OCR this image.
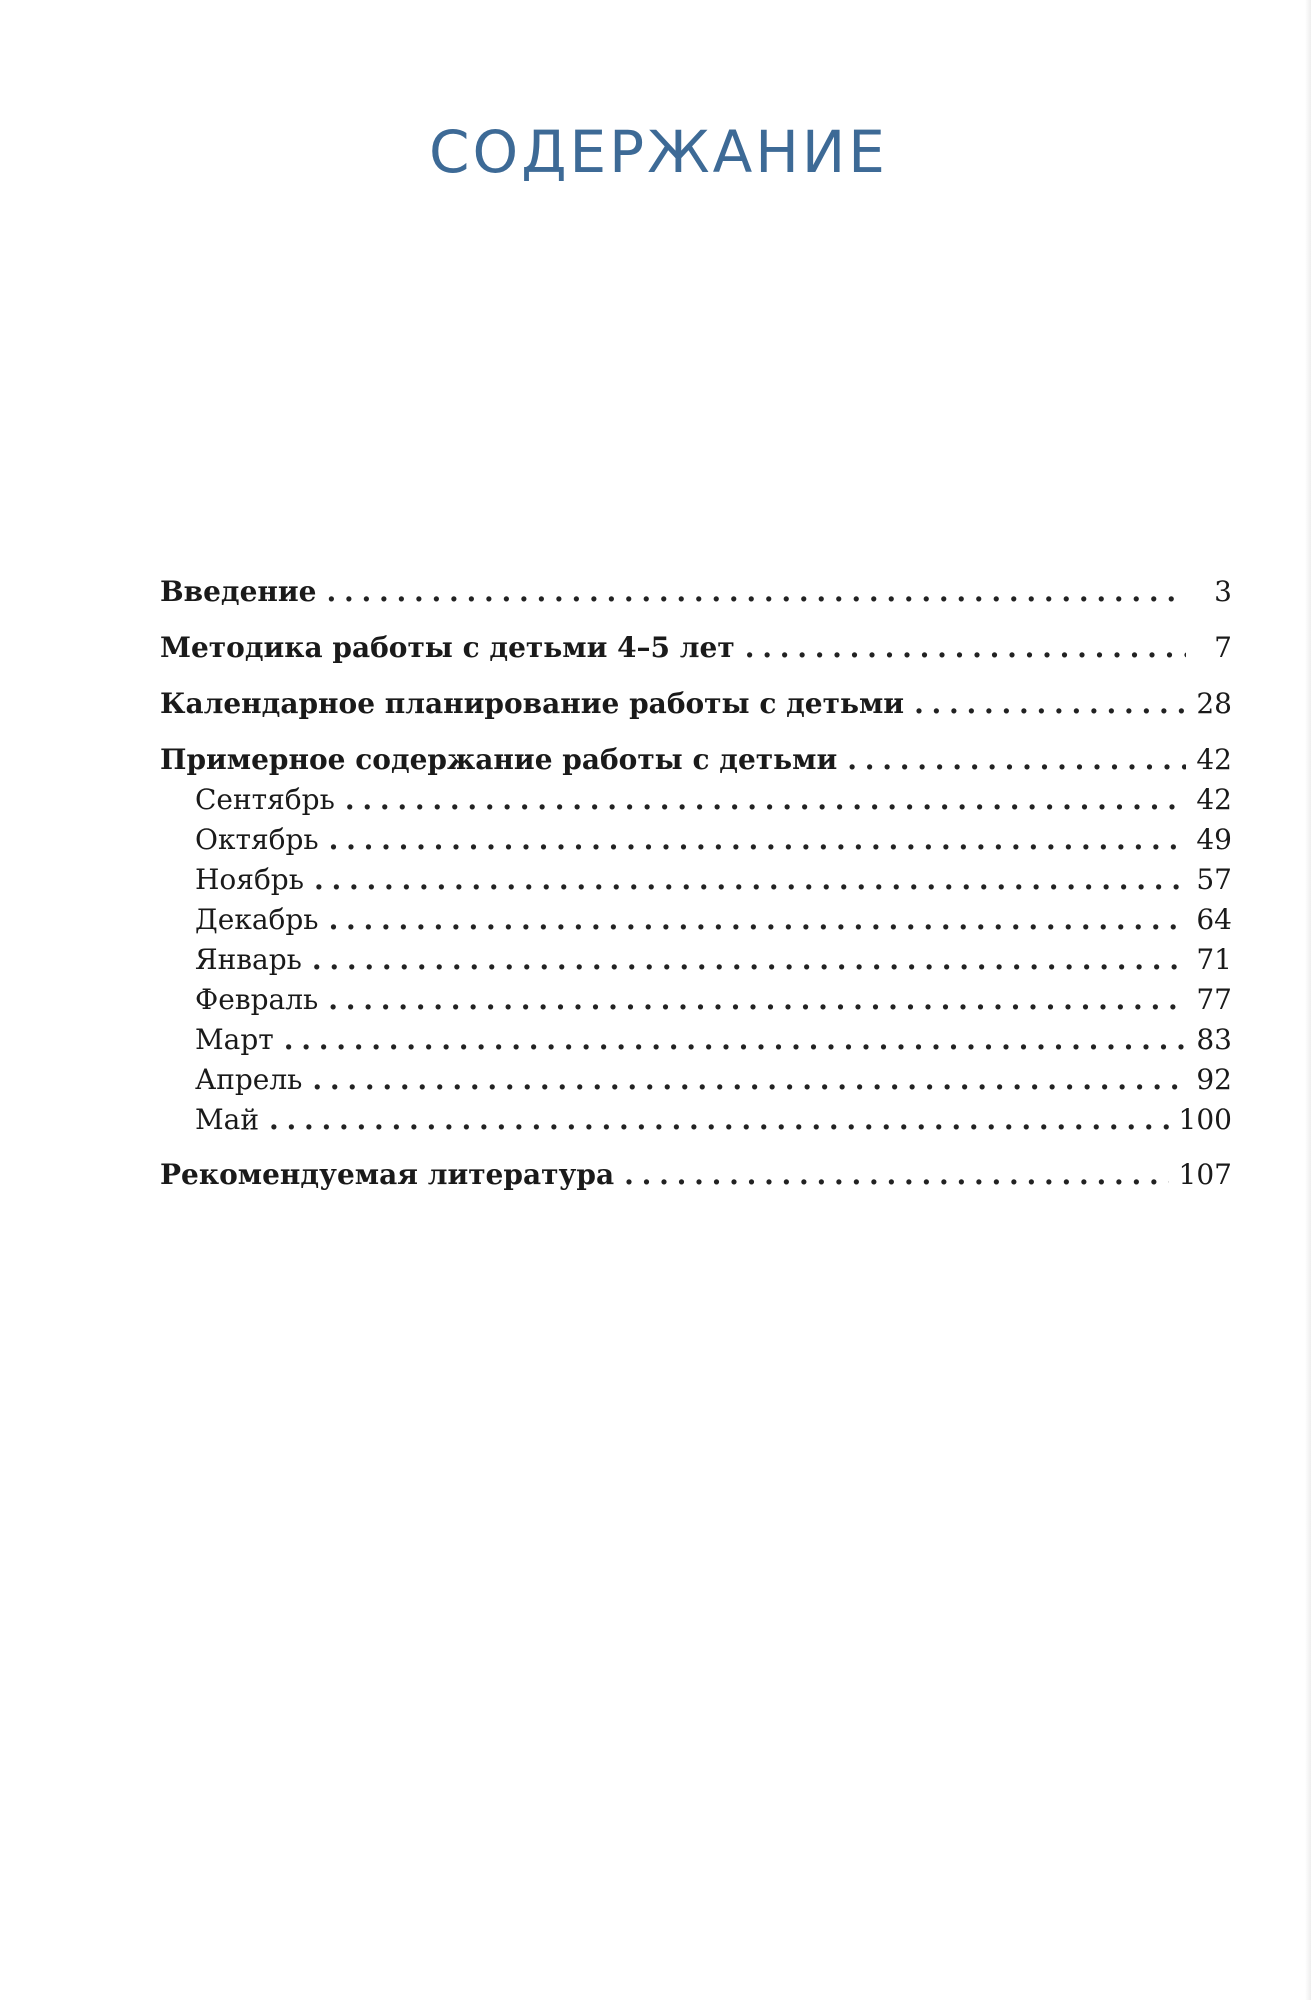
СОДЕРЖАНИЕ
Введение . . .	3
Методика работы с детьми 4–5 лет . . .	7
Календарное планирование работы с детьми . . .	28
Примерное содержание работы с детьми . . .	42
Сентябрь . . .	42
Октябрь . . .	49
Ноябрь . . .	57
Декабрь . . .	64
Январь . . .	71
Февраль . . .	77
Март . . .	83
Апрель . . .	92
Май . . .	100
Рекомендуемая литература . . .	107
